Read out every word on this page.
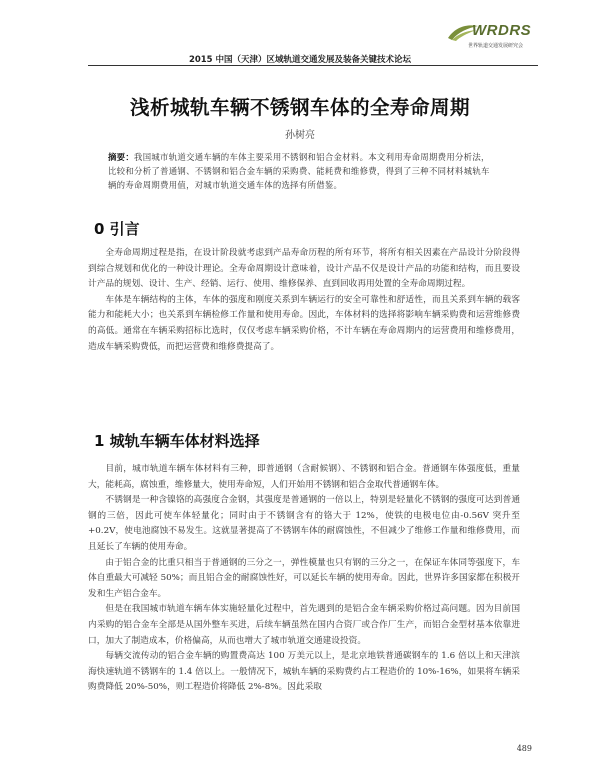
WRDRS
世界轨道交通发展研究会
2015 中国（天津）区域轨道交通发展及装备关键技术论坛
浅析城轨车辆不锈钢车体的全寿命周期
孙树亮
摘要：我国城市轨道交通车辆的车体主要采用不锈钢和铝合金材料。本文利用寿命周期费用分析法，比较和分析了普通钢、不锈钢和铝合金车辆的采购费、能耗费和维修费，得到了三种不同材料城轨车辆的寿命周期费用值，对城市轨道交通车体的选择有所借鉴。
0 引言

全寿命周期过程是指，在设计阶段就考虑到产品寿命历程的所有环节，将所有相关因素在产品设计分阶段得到综合规划和优化的一种设计理论。全寿命周期设计意味着，设计产品不仅是设计产品的功能和结构，而且要设计产品的规划、设计、生产、经销、运行、使用、维修保养、直到回收再用处置的全寿命周期过程。

车体是车辆结构的主体，车体的强度和刚度关系到车辆运行的安全可靠性和舒适性，而且关系到车辆的载客能力和能耗大小；也关系到车辆检修工作量和使用寿命。因此，车体材料的选择将影响车辆采购费和运营维修费的高低。通常在车辆采购招标比选时，仅仅考虑车辆采购价格，不计车辆在寿命周期内的运营费用和维修费用，造成车辆采购费低，而把运营费和维修费提高了。

1 城轨车辆车体材料选择

目前，城市轨道车辆车体材料有三种，即普通钢（含耐候钢）、不锈钢和铝合金。普通钢车体强度低，重量大，能耗高，腐蚀重，维修量大，使用寿命短，人们开始用不锈钢和铝合金取代普通钢车体。

不锈钢是一种含镍铬的高强度合金钢，其强度是普通钢的一倍以上，特别是轻量化不锈钢的强度可达到普通钢的三倍，因此可使车体轻量化；同时由于不锈钢含有的铬大于 12%，使铁的电极电位由-0.56V 突升至+0.2V，使电池腐蚀不易发生。这就显著提高了不锈钢车体的耐腐蚀性，不但减少了维修工作量和维修费用，而且延长了车辆的使用寿命。

由于铝合金的比重只相当于普通钢的三分之一，弹性模量也只有钢的三分之一，在保证车体同等强度下，车体自重最大可减轻 50%；而且铝合金的耐腐蚀性好，可以延长车辆的使用寿命。因此，世界许多国家都在积极开发和生产铝合金车。

但是在我国城市轨道车辆车体实施轻量化过程中，首先遇到的是铝合金车辆采购价格过高问题。因为目前国内采购的铝合金车全部是从国外整车买进，后续车辆虽然在国内合资厂或合作厂生产，而铝合金型材基本依靠进口，加大了制造成本，价格偏高，从而也增大了城市轨道交通建设投资。

每辆交流传动的铝合金车辆的购置费高达 100 万美元以上，是北京地铁普通碳钢车的 1.6 倍以上和天津滨海快速轨道不锈钢车的 1.4 倍以上。一般情况下，城轨车辆的采购费约占工程造价的 10%-16%，如果将车辆采购费降低 20%-50%，则工程造价将降低 2%-8%。因此采取

489
